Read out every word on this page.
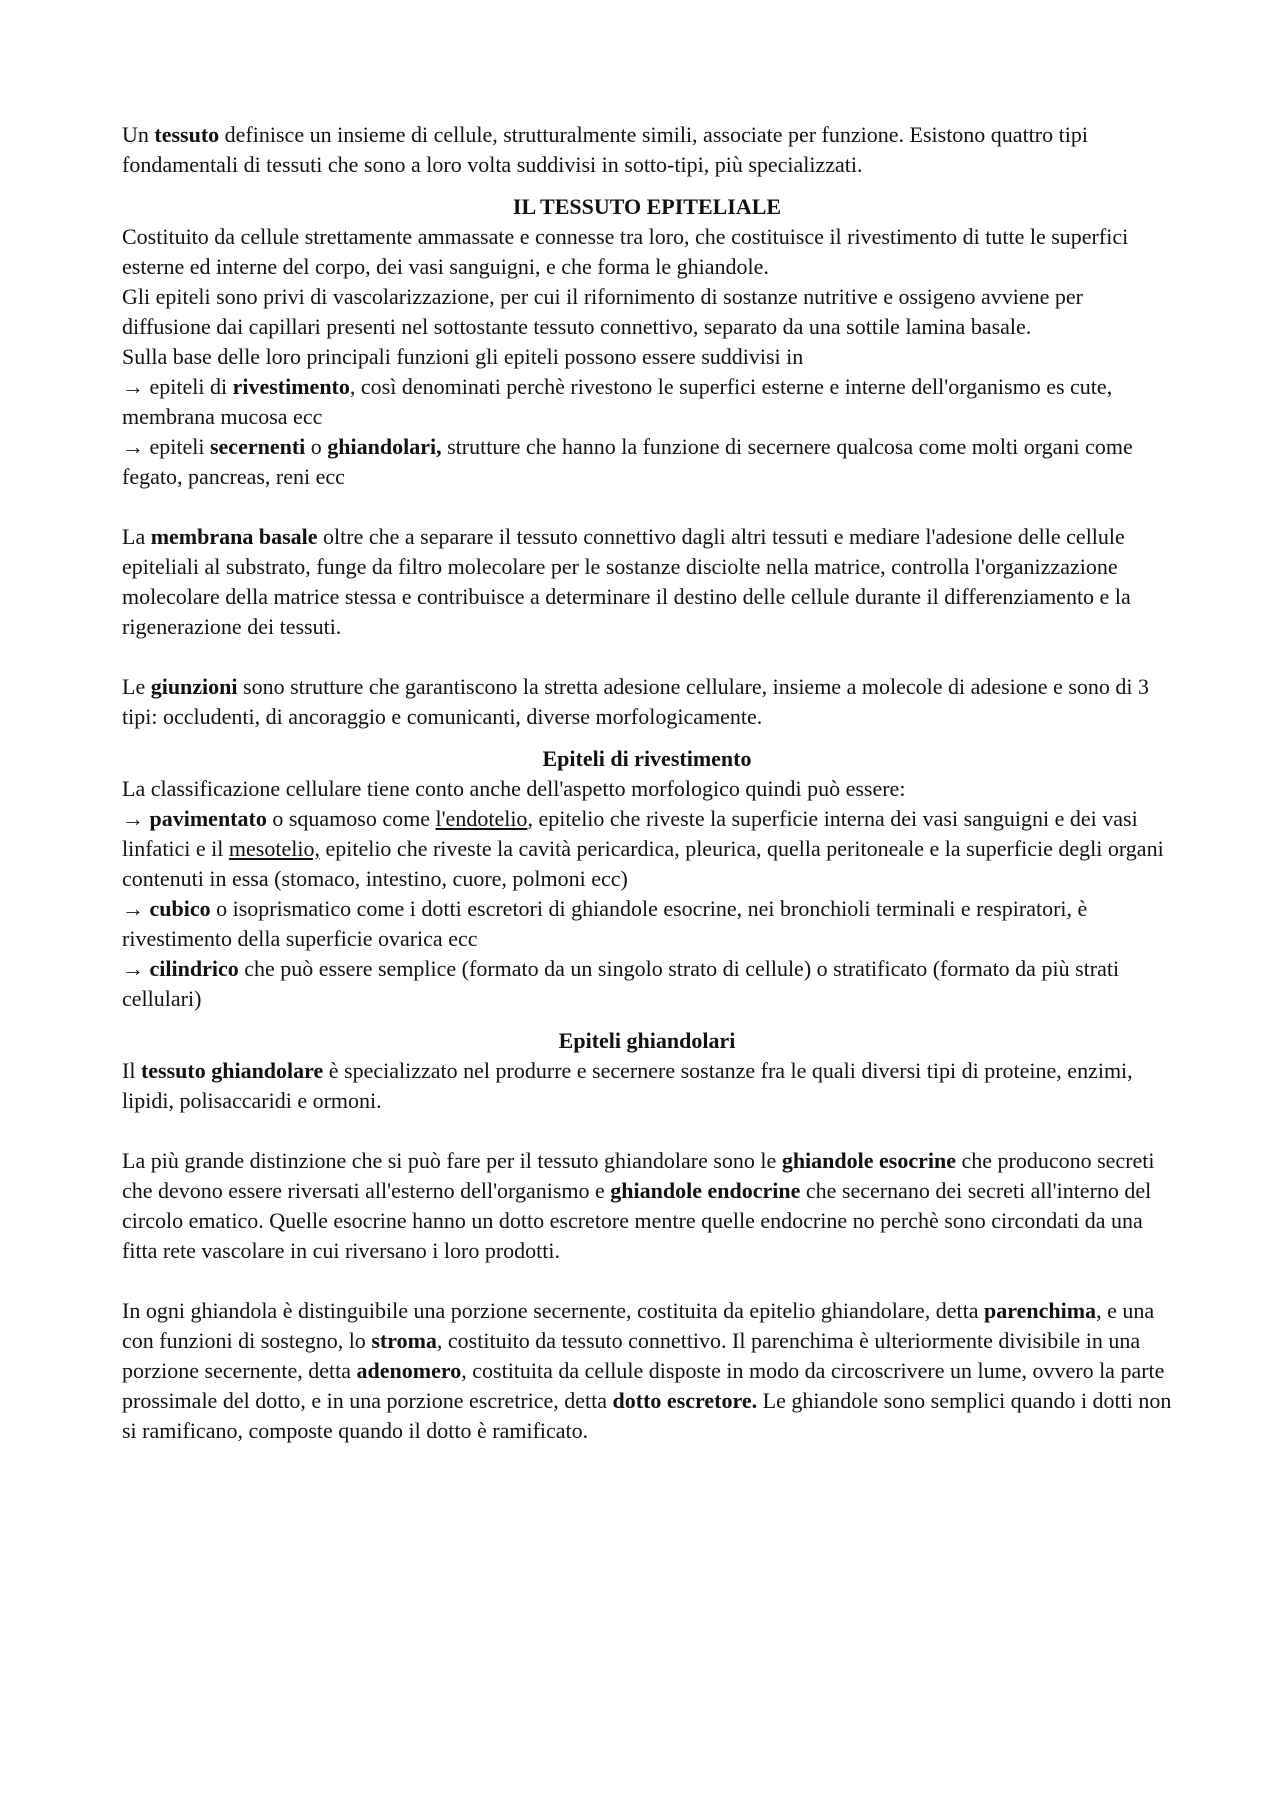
Un tessuto definisce un insieme di cellule, strutturalmente simili, associate per funzione. Esistono quattro tipi fondamentali di tessuti che sono a loro volta suddivisi in sotto-tipi, più specializzati.

IL TESSUTO EPITELIALE

Costituito da cellule strettamente ammassate e connesse tra loro, che costituisce il rivestimento di tutte le superfici esterne ed interne del corpo, dei vasi sanguigni, e che forma le ghiandole.

Gli epiteli sono privi di vascolarizzazione, per cui il rifornimento di sostanze nutritive e ossigeno avviene per diffusione dai capillari presenti nel sottostante tessuto connettivo, separato da una sottile lamina basale.

Sulla base delle loro principali funzioni gli epiteli possono essere suddivisi in

→ epiteli di rivestimento, così denominati perchè rivestono le superfici esterne e interne dell'organismo es cute, membrana mucosa ecc

→ epiteli secernenti o ghiandolari, strutture che hanno la funzione di secernere qualcosa come molti organi come fegato, pancreas, reni ecc

La membrana basale oltre che a separare il tessuto connettivo dagli altri tessuti e mediare l'adesione delle cellule epiteliali al substrato, funge da filtro molecolare per le sostanze disciolte nella matrice, controlla l'organizzazione molecolare della matrice stessa e contribuisce a determinare il destino delle cellule durante il differenziamento e la rigenerazione dei tessuti.

Le giunzioni sono strutture che garantiscono la stretta adesione cellulare, insieme a molecole di adesione e sono di 3 tipi: occludenti, di ancoraggio e comunicanti, diverse morfologicamente.

Epiteli di rivestimento

La classificazione cellulare tiene conto anche dell'aspetto morfologico quindi può essere:

→ pavimentato o squamoso come l'endotelio, epitelio che riveste la superficie interna dei vasi sanguigni e dei vasi linfatici e il mesotelio, epitelio che riveste la cavità pericardica, pleurica, quella peritoneale e la superficie degli organi contenuti in essa (stomaco, intestino, cuore, polmoni ecc)

→ cubico o isoprismatico come i dotti escretori di ghiandole esocrine, nei bronchioli terminali e respiratori, è rivestimento della superficie ovarica ecc

→ cilindrico che può essere semplice (formato da un singolo strato di cellule) o stratificato (formato da più strati cellulari)

Epiteli ghiandolari

Il tessuto ghiandolare è specializzato nel produrre e secernere sostanze fra le quali diversi tipi di proteine, enzimi, lipidi, polisaccaridi e ormoni.

La più grande distinzione che si può fare per il tessuto ghiandolare sono le ghiandole esocrine che producono secreti che devono essere riversati all'esterno dell'organismo e ghiandole endocrine che secernano dei secreti all'interno del circolo ematico. Quelle esocrine hanno un dotto escretore mentre quelle endocrine no perchè sono circondati da una fitta rete vascolare in cui riversano i loro prodotti.

In ogni ghiandola è distinguibile una porzione secernente, costituita da epitelio ghiandolare, detta parenchima, e una con funzioni di sostegno, lo stroma, costituito da tessuto connettivo. Il parenchima è ulteriormente divisibile in una porzione secernente, detta adenomero, costituita da cellule disposte in modo da circoscrivere un lume, ovvero la parte prossimale del dotto, e in una porzione escretrice, detta dotto escretore. Le ghiandole sono semplici quando i dotti non si ramificano, composte quando il dotto è ramificato.
